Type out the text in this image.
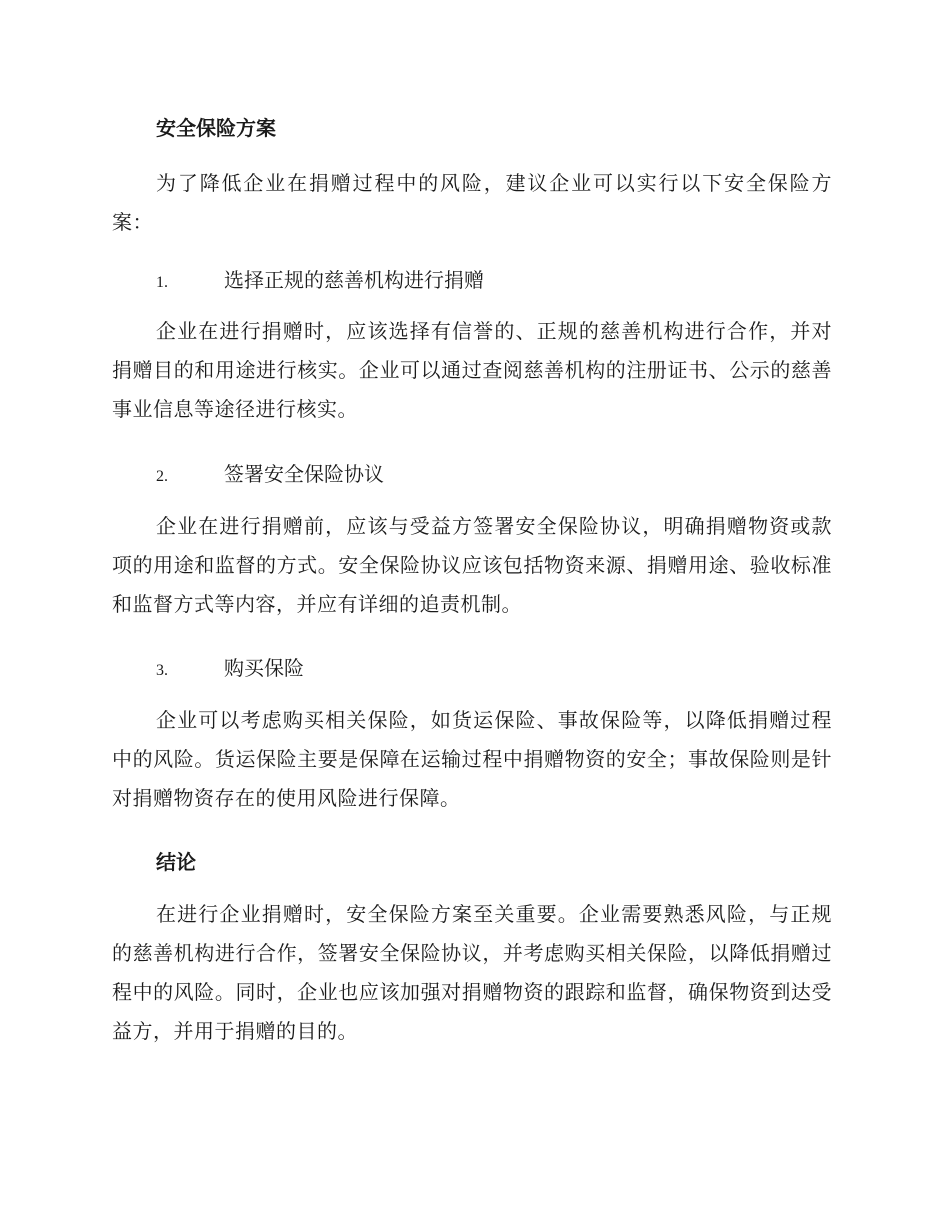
安全保险方案

为了降低企业在捐赠过程中的风险，建议企业可以实行以下安全保险方案：

1.	选择正规的慈善机构进行捐赠

企业在进行捐赠时，应该选择有信誉的、正规的慈善机构进行合作，并对捐赠目的和用途进行核实。企业可以通过查阅慈善机构的注册证书、公示的慈善事业信息等途径进行核实。

2.	签署安全保险协议

企业在进行捐赠前，应该与受益方签署安全保险协议，明确捐赠物资或款项的用途和监督的方式。安全保险协议应该包括物资来源、捐赠用途、验收标准和监督方式等内容，并应有详细的追责机制。

3.	购买保险

企业可以考虑购买相关保险，如货运保险、事故保险等，以降低捐赠过程中的风险。货运保险主要是保障在运输过程中捐赠物资的安全；事故保险则是针对捐赠物资存在的使用风险进行保障。

结论

在进行企业捐赠时，安全保险方案至关重要。企业需要熟悉风险，与正规的慈善机构进行合作，签署安全保险协议，并考虑购买相关保险，以降低捐赠过程中的风险。同时，企业也应该加强对捐赠物资的跟踪和监督，确保物资到达受益方，并用于捐赠的目的。
